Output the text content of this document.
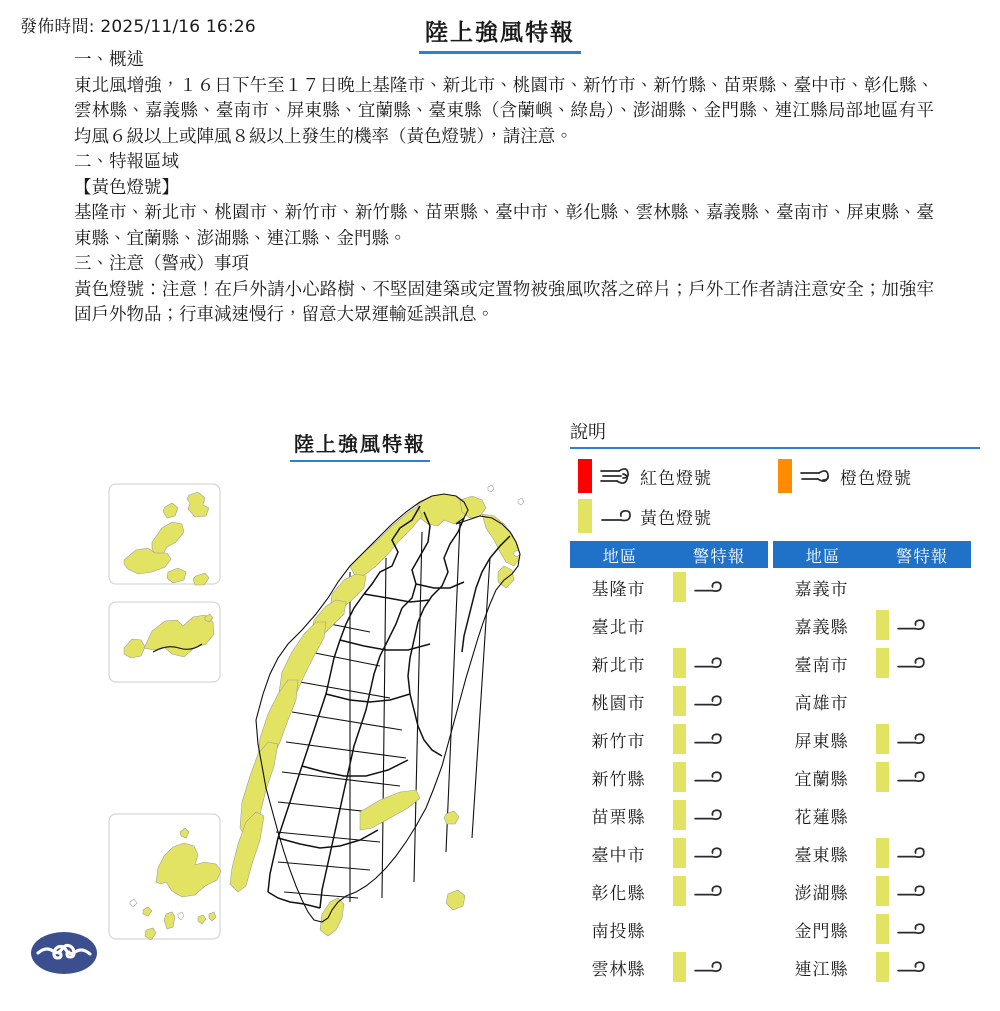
發佈時間: 2025/11/16 16:26	陸上強風特報
一、概述
東北風增強，１６日下午至１７日晚上基隆市、新北市、桃園市、新竹市、新竹縣、苗栗縣、臺中市、彰化縣、雲林縣、嘉義縣、臺南市、屏東縣、宜蘭縣、臺東縣（含蘭嶼、綠島）、澎湖縣、金門縣、連江縣局部地區有平均風６級以上或陣風８級以上發生的機率（黃色燈號），請注意。
二、特報區域
【黃色燈號】
基隆市、新北市、桃園市、新竹市、新竹縣、苗栗縣、臺中市、彰化縣、雲林縣、嘉義縣、臺南市、屏東縣、臺東縣、宜蘭縣、澎湖縣、連江縣、金門縣。
三、注意（警戒）事項
黃色燈號：注意！在戶外請小心路樹、不堅固建築或定置物被強風吹落之碎片；戶外工作者請注意安全；加強牢固戶外物品；行車減速慢行，留意大眾運輸延誤訊息。
陸上強風特報	說明
紅色燈號	橙色燈號
黃色燈號
地區	警特報
基隆市
臺北市
新北市
桃園市
新竹市
新竹縣
苗栗縣
臺中市
彰化縣
南投縣
雲林縣
地區	警特報
嘉義市
嘉義縣
臺南市
高雄市
屏東縣
宜蘭縣
花蓮縣
臺東縣
澎湖縣
金門縣
連江縣
